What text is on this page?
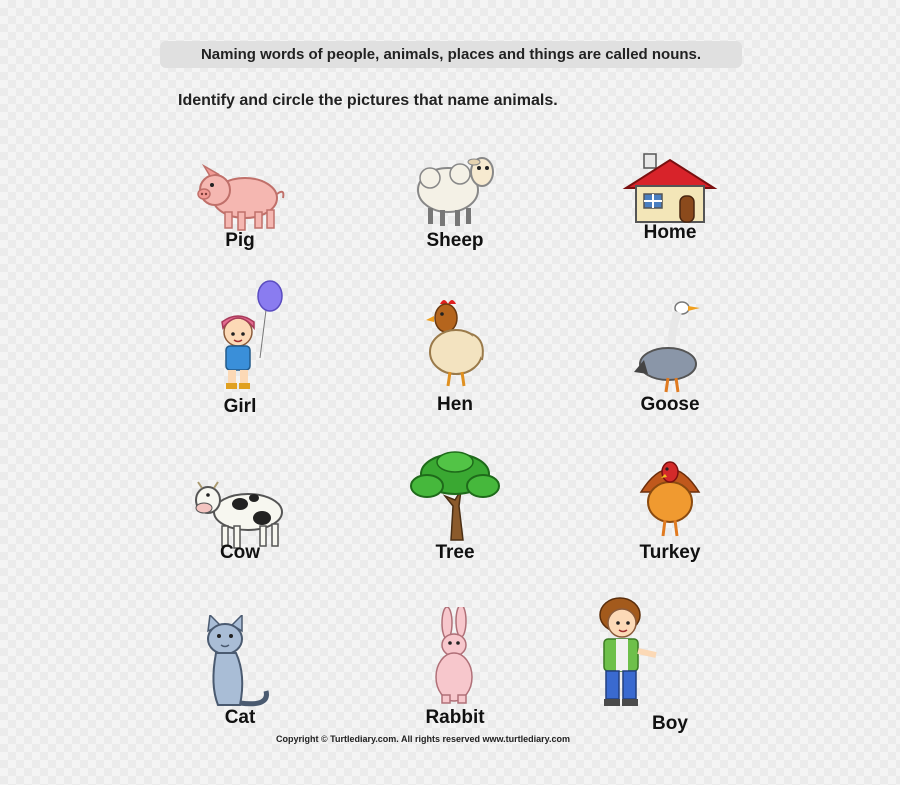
Naming words of people, animals, places and things are called nouns.
Identify and circle the pictures that name animals.
Pig	Sheep	Home
Girl	Hen	Goose
Cow	Tree	Turkey
Cat	Rabbit	Boy
Copyright © Turtlediary.com. All rights reserved www.turtlediary.com
